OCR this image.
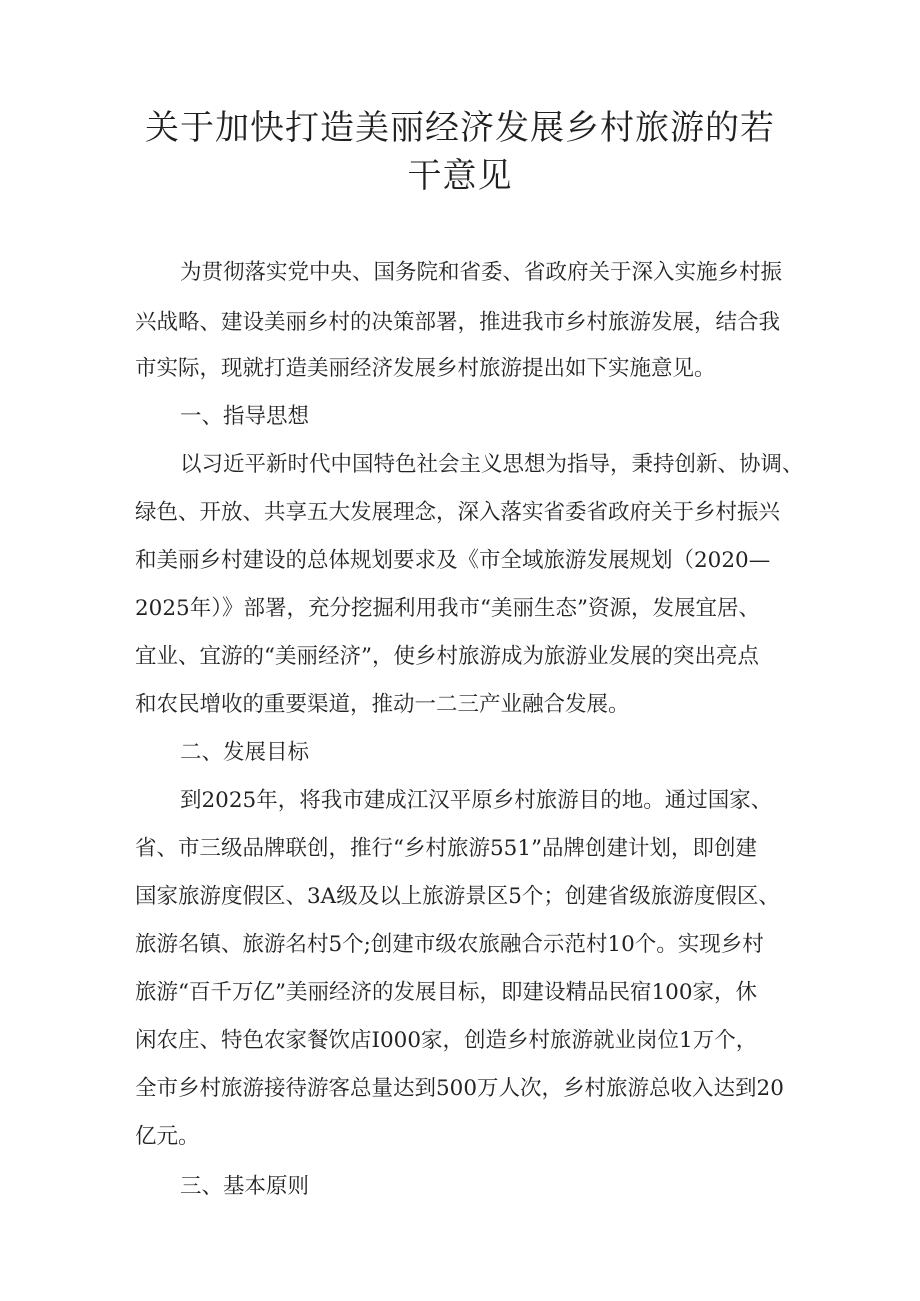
关于加快打造美丽经济发展乡村旅游的若
干意见

为贯彻落实党中央、国务院和省委、省政府关于深入实施乡村振

兴战略、建设美丽乡村的决策部署，推进我市乡村旅游发展，结合我

市实际，现就打造美丽经济发展乡村旅游提出如下实施意见。

一、指导思想

以习近平新时代中国特色社会主义思想为指导，秉持创新、协调、

绿色、开放、共享五大发展理念，深入落实省委省政府关于乡村振兴

和美丽乡村建设的总体规划要求及《市全域旅游发展规划（2020—

2025年）》部署，充分挖掘利用我市“美丽生态”资源，发展宜居、

宜业、宜游的“美丽经济”，使乡村旅游成为旅游业发展的突出亮点

和农民增收的重要渠道，推动一二三产业融合发展。

二、发展目标

到2025年，将我市建成江汉平原乡村旅游目的地。通过国家、

省、市三级品牌联创，推行“乡村旅游551”品牌创建计划，即创建

国家旅游度假区、3A级及以上旅游景区5个；创建省级旅游度假区、

旅游名镇、旅游名村5个;创建市级农旅融合示范村10个。实现乡村

旅游“百千万亿”美丽经济的发展目标，即建设精品民宿100家，休

闲农庄、特色农家餐饮店I000家，创造乡村旅游就业岗位1万个，

全市乡村旅游接待游客总量达到500万人次，乡村旅游总收入达到20

亿元。

三、基本原则
